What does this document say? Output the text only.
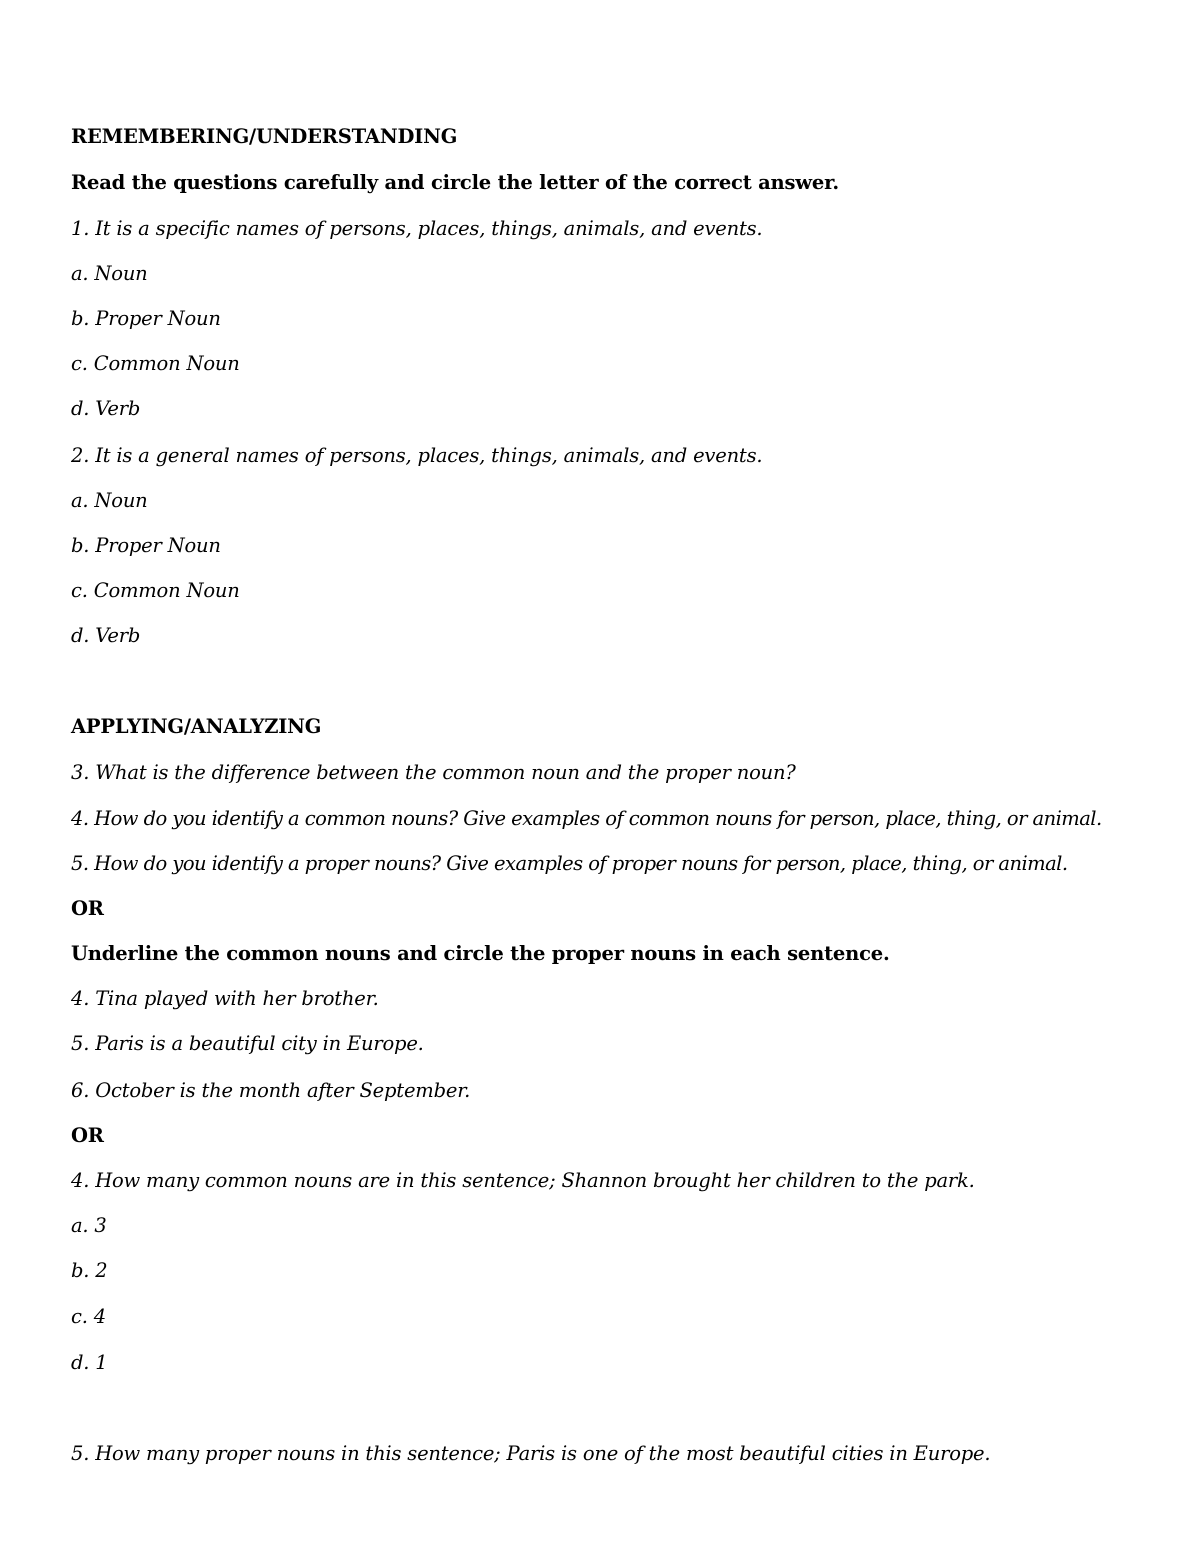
REMEMBERING/UNDERSTANDING
Read the questions carefully and circle the letter of the correct answer.
1. It is a specific names of persons, places, things, animals, and events.
a. Noun
b. Proper Noun
c. Common Noun
d. Verb
2. It is a general names of persons, places, things, animals, and events.
a. Noun
b. Proper Noun
c. Common Noun
d. Verb
APPLYING/ANALYZING
3. What is the difference between the common noun and the proper noun?
4. How do you identify a common nouns? Give examples of common nouns for person, place, thing, or animal.
5. How do you identify a proper nouns? Give examples of proper nouns for person, place, thing, or animal.
OR
Underline the common nouns and circle the proper nouns in each sentence.
4. Tina played with her brother.
5. Paris is a beautiful city in Europe.
6. October is the month after September.
OR
4. How many common nouns are in this sentence; Shannon brought her children to the park.
a. 3
b. 2
c. 4
d. 1
5. How many proper nouns in this sentence; Paris is one of the most beautiful cities in Europe.
